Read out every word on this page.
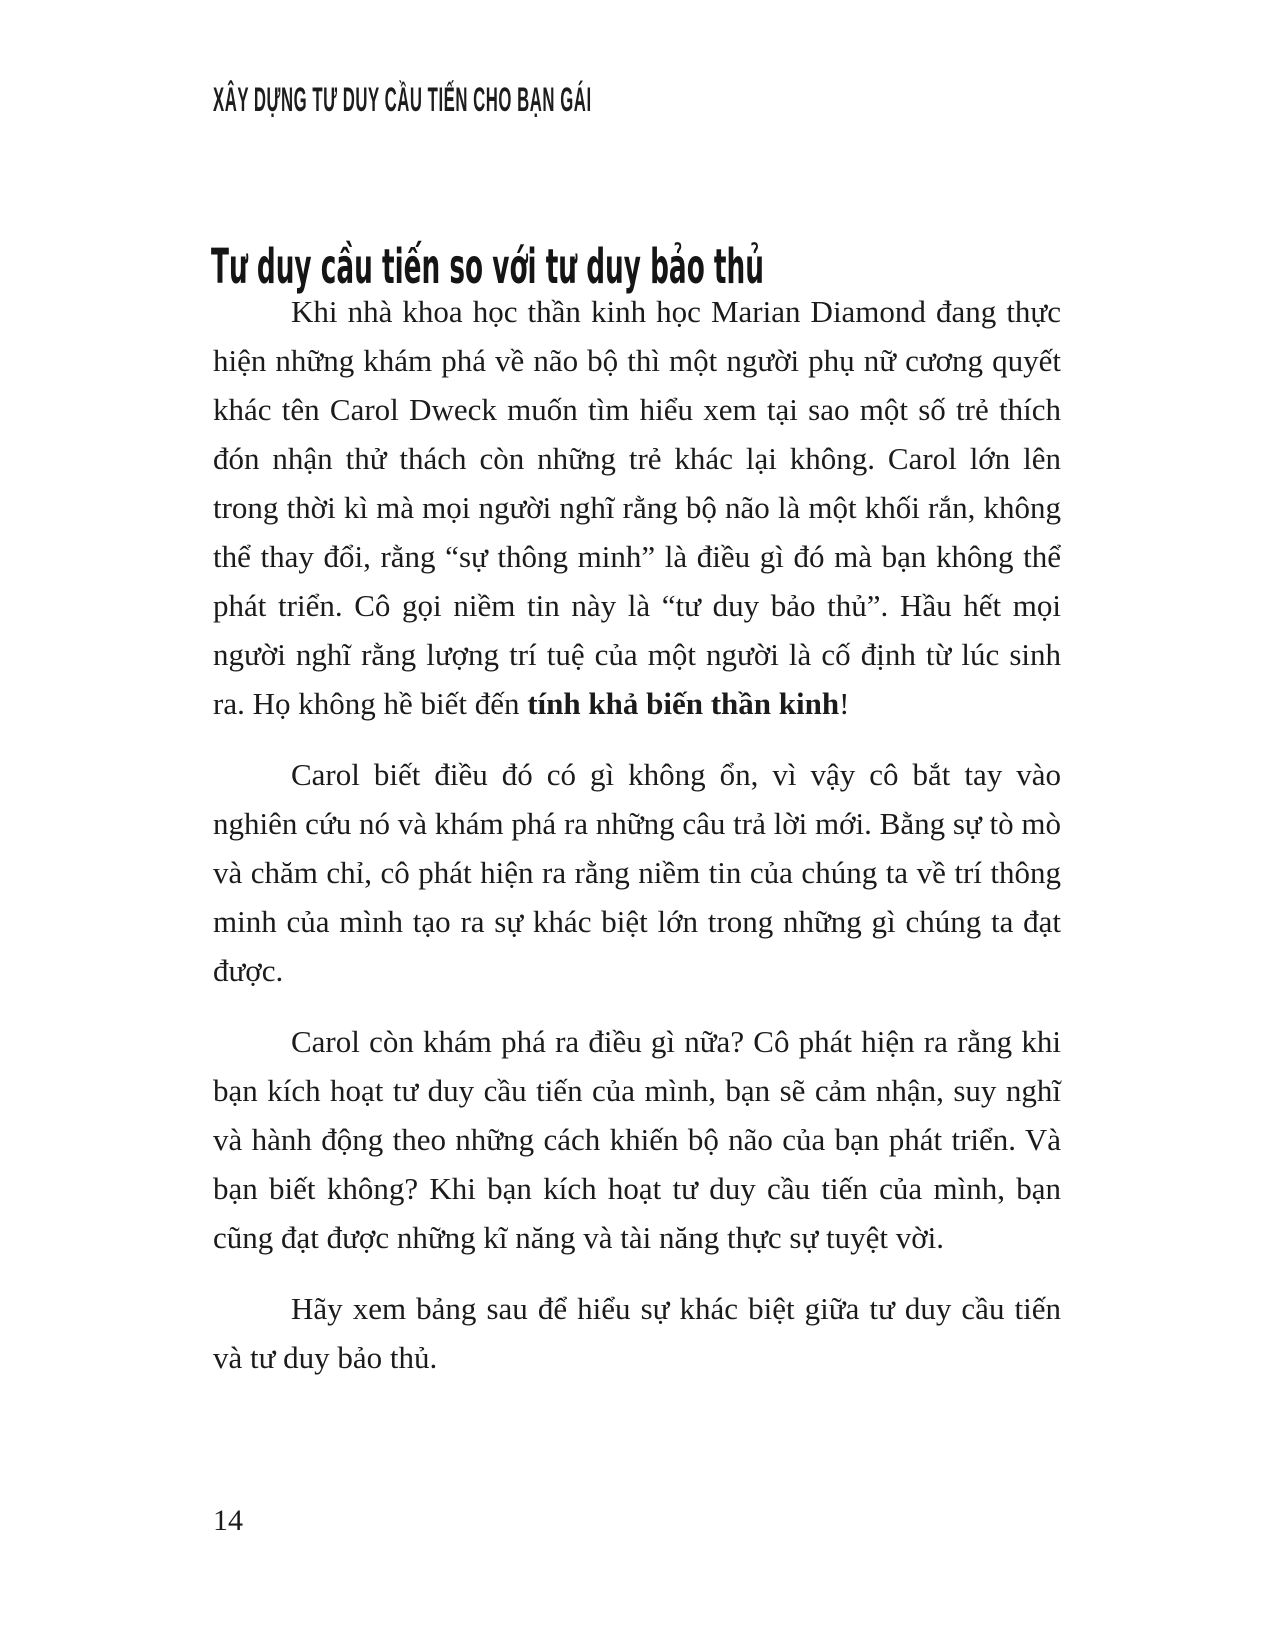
XÂY DỰNG TƯ DUY CẦU TIẾN CHO BẠN GÁI
Tư duy cầu tiến so với tư duy bảo thủ

Khi nhà khoa học thần kinh học Marian Diamond đang thực hiện những khám phá về não bộ thì một người phụ nữ cương quyết khác tên Carol Dweck muốn tìm hiểu xem tại sao một số trẻ thích đón nhận thử thách còn những trẻ khác lại không. Carol lớn lên trong thời kì mà mọi người nghĩ rằng bộ não là một khối rắn, không thể thay đổi, rằng “sự thông minh” là điều gì đó mà bạn không thể phát triển. Cô gọi niềm tin này là “tư duy bảo thủ”. Hầu hết mọi người nghĩ rằng lượng trí tuệ của một người là cố định từ lúc sinh ra. Họ không hề biết đến tính khả biến thần kinh!

Carol biết điều đó có gì không ổn, vì vậy cô bắt tay vào nghiên cứu nó và khám phá ra những câu trả lời mới. Bằng sự tò mò và chăm chỉ, cô phát hiện ra rằng niềm tin của chúng ta về trí thông minh của mình tạo ra sự khác biệt lớn trong những gì chúng ta đạt được.

Carol còn khám phá ra điều gì nữa? Cô phát hiện ra rằng khi bạn kích hoạt tư duy cầu tiến của mình, bạn sẽ cảm nhận, suy nghĩ và hành động theo những cách khiến bộ não của bạn phát triển. Và bạn biết không? Khi bạn kích hoạt tư duy cầu tiến của mình, bạn cũng đạt được những kĩ năng và tài năng thực sự tuyệt vời.

Hãy xem bảng sau để hiểu sự khác biệt giữa tư duy cầu tiến và tư duy bảo thủ.

14
